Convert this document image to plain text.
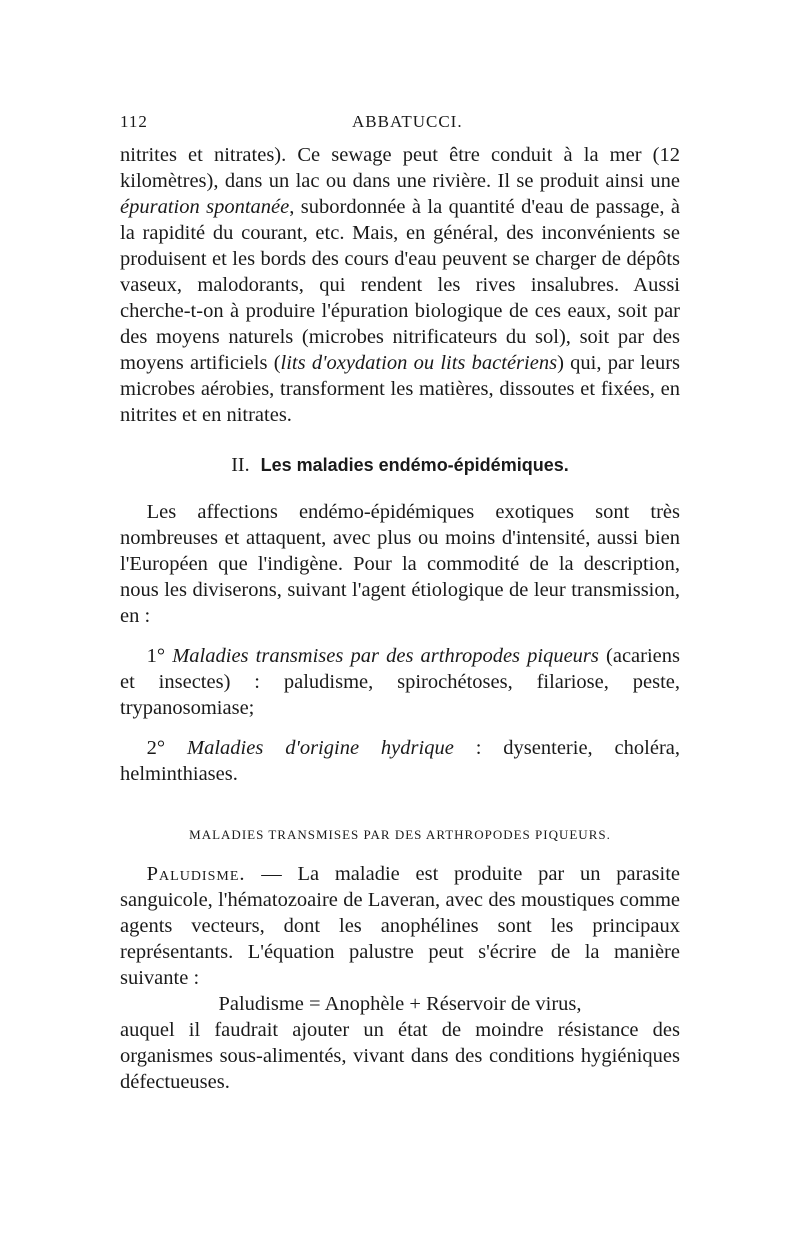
112	ABBATUCCI.

nitrites et nitrates). Ce sewage peut être conduit à la mer (12 kilomètres), dans un lac ou dans une rivière. Il se produit ainsi une épuration spontanée, subordonnée à la quantité d'eau de passage, à la rapidité du courant, etc. Mais, en général, des inconvénients se produisent et les bords des cours d'eau peuvent se charger de dépôts vaseux, malodorants, qui rendent les rives insalubres. Aussi cherche-t-on à produire l'épuration biologique de ces eaux, soit par des moyens naturels (microbes nitrificateurs du sol), soit par des moyens artificiels (lits d'oxydation ou lits bactériens) qui, par leurs microbes aérobies, transforment les matières, dissoutes et fixées, en nitrites et en nitrates.

II. Les maladies endémo-épidémiques.

Les affections endémo-épidémiques exotiques sont très nombreuses et attaquent, avec plus ou moins d'intensité, aussi bien l'Européen que l'indigène. Pour la commodité de la description, nous les diviserons, suivant l'agent étiologique de leur transmission, en :

1° Maladies transmises par des arthropodes piqueurs (acariens et insectes) : paludisme, spirochétoses, filariose, peste, trypanosomiase;

2° Maladies d'origine hydrique : dysenterie, choléra, helminthiases.

MALADIES TRANSMISES PAR DES ARTHROPODES PIQUEURS.

Paludisme. — La maladie est produite par un parasite sanguicole, l'hématozoaire de Laveran, avec des moustiques comme agents vecteurs, dont les anophélines sont les principaux représentants. L'équation palustre peut s'écrire de la manière suivante :

Paludisme = Anophèle + Réservoir de virus,

auquel il faudrait ajouter un état de moindre résistance des organismes sous-alimentés, vivant dans des conditions hygiéniques défectueuses.
